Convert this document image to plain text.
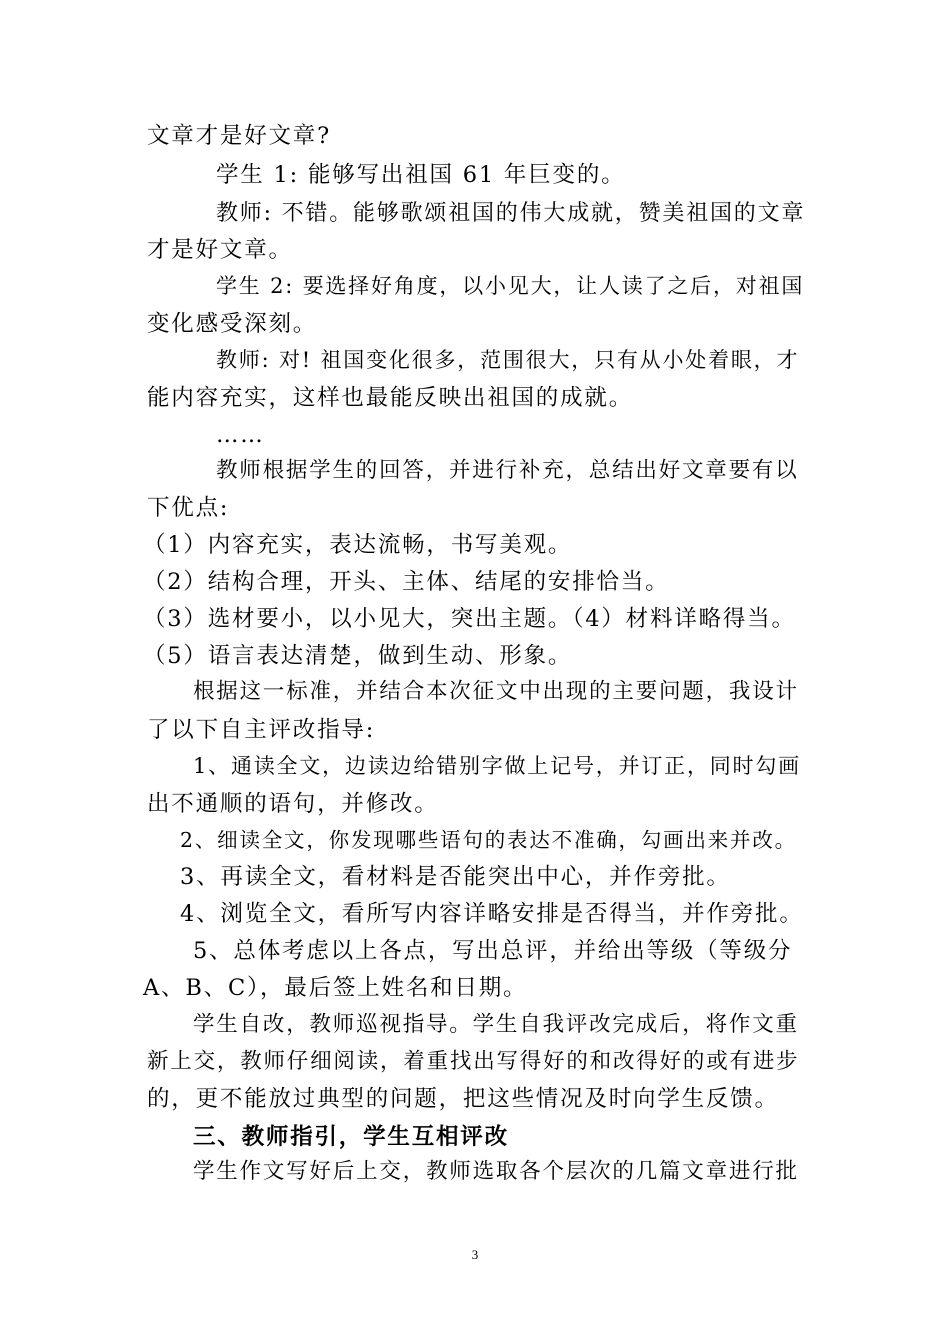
文章才是好文章?
学生 1: 能够写出祖国 61 年巨变的。
教师: 不错。能够歌颂祖国的伟大成就，赞美祖国的文章
才是好文章。
学生 2: 要选择好角度，以小见大，让人读了之后，对祖国
变化感受深刻。
教师: 对! 祖国变化很多，范围很大，只有从小处着眼，才
能内容充实，这样也最能反映出祖国的成就。
……
教师根据学生的回答，并进行补充，总结出好文章要有以
下优点:
（1）内容充实，表达流畅，书写美观。
（2）结构合理，开头、主体、结尾的安排恰当。
（3）选材要小，以小见大，突出主题。（4）材料详略得当。
（5）语言表达清楚，做到生动、形象。
根据这一标准，并结合本次征文中出现的主要问题，我设计
了以下自主评改指导:
1、通读全文，边读边给错别字做上记号，并订正，同时勾画
出不通顺的语句，并修改。
2、细读全文，你发现哪些语句的表达不准确，勾画出来并改。
3、再读全文，看材料是否能突出中心，并作旁批。
4、浏览全文，看所写内容详略安排是否得当，并作旁批。
5、总体考虑以上各点，写出总评，并给出等级（等级分
A、B、C），最后签上姓名和日期。
学生自改，教师巡视指导。学生自我评改完成后，将作文重
新上交，教师仔细阅读，着重找出写得好的和改得好的或有进步
的，更不能放过典型的问题，把这些情况及时向学生反馈。
三、教师指引，学生互相评改
学生作文写好后上交，教师选取各个层次的几篇文章进行批
3
